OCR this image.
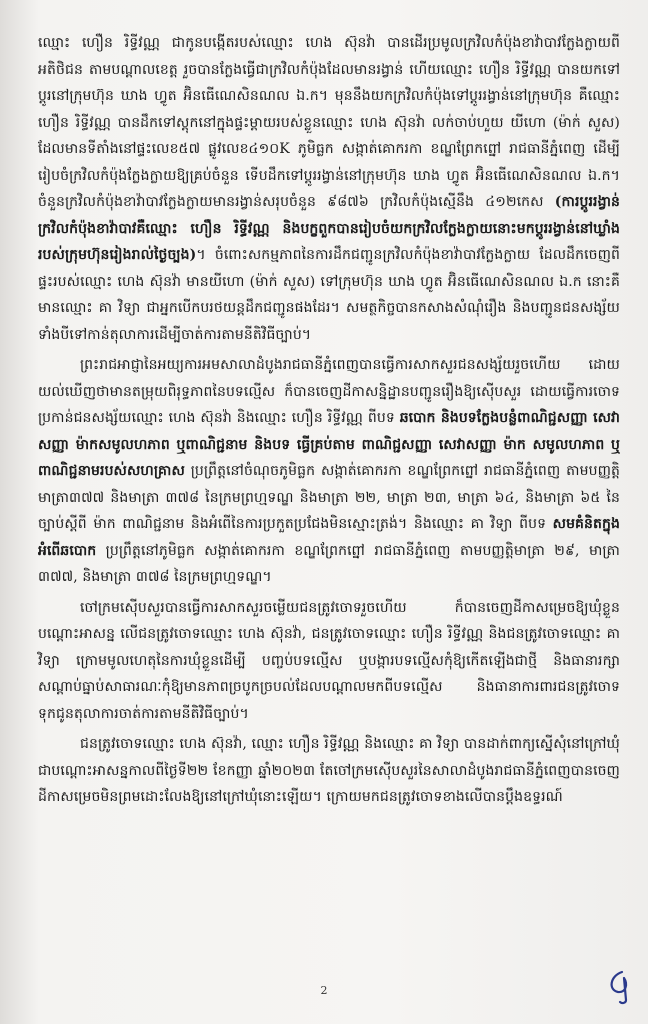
ឈ្មោះ ហឿន រិទ្ធីវណ្ណ ជាកូនបង្កើតរបស់ឈ្មោះ ហេង ស៊ុនវ៉ា បានដើរប្រមូលក្រវិលកំប៉ុងខាវ៉ាបាវក្លែងក្លាយពីអតិថិជន តាមបណ្ដាលខេត្ត រួចបានក្លែងធ្វើជាក្រវិលកំប៉ុងដែលមានរង្វាន់ ហើយឈ្មោះ ហឿន រិទ្ធីវណ្ណ បានយកទៅប្ដូរនៅក្រុមហ៊ុន ឃាង ហ្វូត អ៊ិនធើណេសិនណល ឯ.ក។ មុននឹងយកក្រវិលកំប៉ុងទៅប្ដូររង្វាន់នៅក្រុមហ៊ុន គឺឈ្មោះ ហឿន រិទ្ធីវណ្ណ បានដឹកទៅស្តុកនៅក្នុងផ្ទះម្ដាយរបស់ខ្លួនឈ្មោះ ហេង ស៊ុនវ៉ា លក់ចាប់ហួយ យីហោ (ម៉ាក់ សួស) ដែលមានទីតាំងនៅផ្ទះលេខ៥៧ ផ្លូវលេខ៤១០K ភូមិធ្លក សង្កាត់គោករកា ខណ្ឌព្រែកព្នៅ រាជធានីភ្នំពេញ ដើម្បីរៀបចំក្រវិលកំប៉ុងក្លែងក្លាយឱ្យគ្រប់ចំនួន ទើបដឹកទៅប្ដូររង្វាន់នៅក្រុមហ៊ុន ឃាង ហ្វូត អ៊ិនធើណេសិនណល ឯ.ក។ ចំនួនក្រវិលកំប៉ុងខាវ៉ាបាវក្លែងក្លាយមានរង្វាន់សរុបចំនួន ៩៨៧៦ ក្រវិលកំប៉ុងស្មើនឹង ៤១២កេស (ការប្ដូររង្វាន់ក្រវិលកំប៉ុងខាវ៉ាបាវគឺឈ្មោះ ហឿន រិទ្ធីវណ្ណ និងបក្ខពួកបានរៀបចំយកក្រវិលក្លែងក្លាយនោះមកប្ដូររង្វាន់នៅឃ្លាំងរបស់ក្រុមហ៊ុនរៀងរាល់ថ្ងៃច្បង)។ ចំពោះសកម្មភាពនៃការដឹកជញ្ជូនក្រវិលកំប៉ុងខាវ៉ាបាវក្លែងក្លាយ ដែលដឹកចេញពីផ្ទះរបស់ឈ្មោះ ហេង ស៊ុនវ៉ា មានយីហោ (ម៉ាក់ សួស) ទៅក្រុមហ៊ុន ឃាង ហ្វូត អ៊ិនធើណេសិនណល ឯ.ក នោះគឺមានឈ្មោះ គា វិទ្យា ជាអ្នកបើកបរថយន្តដឹកជញ្ជូនផងដែរ។ សមត្ថកិច្ចបានកសាងសំណុំរឿង និងបញ្ជូនជនសង្ស័យទាំងបីទៅកាន់តុលាការដើម្បីចាត់ការតាមនីតិវិធីច្បាប់។

ព្រះរាជអាជ្ញានៃអយ្យការអមសាលាដំបូងរាជធានីភ្នំពេញបានធ្វើការសាកសួរជនសង្ស័យរួចហើយ ដោយយល់ឃើញថាមានតម្រុយពិរុទ្ធភាពនៃបទល្មើស ក៏បានចេញដីកាសន្និដ្ឋានបញ្ជូនរឿងឱ្យស៊ើបសួរ ដោយធ្វើការចោទប្រកាន់ជនសង្ស័យឈ្មោះ ហេង ស៊ុនវ៉ា និងឈ្មោះ ហឿន រិទ្ធីវណ្ណ ពីបទ ឆបោក និងបទក្លែងបន្លំពាណិជ្ជសញ្ញា សេវាសញ្ញា ម៉ាកសមូលហភាព ឬពាណិជ្ជនាម និងបទ ធ្វើគ្រប់តាម ពាណិជ្ជសញ្ញា សេវាសញ្ញា ម៉ាក សមូលហភាព ឬពាណិជ្ជនាមរបស់សហគ្រាស ប្រព្រឹត្តនៅចំណុចភូមិធ្លក សង្កាត់គោករកា ខណ្ឌព្រែកព្នៅ រាជធានីភ្នំពេញ តាមបញ្ញត្តិ មាត្រា៣៧៧ និងមាត្រា ៣៧៨ នៃក្រមព្រហ្មទណ្ឌ និងមាត្រា ២២, មាត្រា ២៣, មាត្រា ៦៤, និងមាត្រា ៦៥ នៃច្បាប់ស្ដីពី ម៉ាក ពាណិជ្ជនាម និងអំពើនៃការប្រកួតប្រជែងមិនស្មោះត្រង់។ និងឈ្មោះ គា វិទ្យា ពីបទ សមគំនិតក្នុងអំពើឆបោក ប្រព្រឹត្តនៅភូមិធ្លក សង្កាត់គោករកា ខណ្ឌព្រែកព្នៅ រាជធានីភ្នំពេញ តាមបញ្ញត្តិមាត្រា ២៩, មាត្រា ៣៧៧, និងមាត្រា ៣៧៨ នៃក្រមព្រហ្មទណ្ឌ។

ចៅក្រមស៊ើបសួរបានធ្វើការសាកសួរចម្លើយជនត្រូវចោទរួចហើយ ក៏បានចេញដីកាសម្រេចឱ្យឃុំខ្លួនបណ្ដោះអាសន្ន លើជនត្រូវចោទឈ្មោះ ហេង ស៊ុនវ៉ា, ជនត្រូវចោទឈ្មោះ ហឿន រិទ្ធីវណ្ណ និងជនត្រូវចោទឈ្មោះ គា វិទ្យា ក្រោមមូលហេតុនៃការឃុំខ្លួនដើម្បី បញ្ចប់បទល្មើស ឬបង្ការបទល្មើសកុំឱ្យកើតឡើងជាថ្មី និងធានារក្សាសណ្ដាប់ធ្នាប់សាធារណៈកុំឱ្យមានភាពច្របូកច្របល់ដែលបណ្ដាលមកពីបទល្មើស និងធានាការពារជនត្រូវចោទទុកជូនតុលាការចាត់ការតាមនីតិវិធីច្បាប់។

ជនត្រូវចោទឈ្មោះ ហេង ស៊ុនវ៉ា, ឈ្មោះ ហឿន រិទ្ធីវណ្ណ និងឈ្មោះ គា វិទ្យា បានដាក់ពាក្យស្នើសុំនៅក្រៅឃុំជាបណ្ដោះអាសន្នកាលពីថ្ងៃទី២២ ខែកញ្ញា ឆ្នាំ២០២៣ តែចៅក្រមស៊ើបសួរនៃសាលាដំបូងរាជធានីភ្នំពេញបានចេញដីកាសម្រេចមិនព្រមដោះលែងឱ្យនៅក្រៅឃុំនោះឡើយ។ ក្រោយមកជនត្រូវចោទខាងលើបានប្ដឹងឧទ្ធរណ៍

2
